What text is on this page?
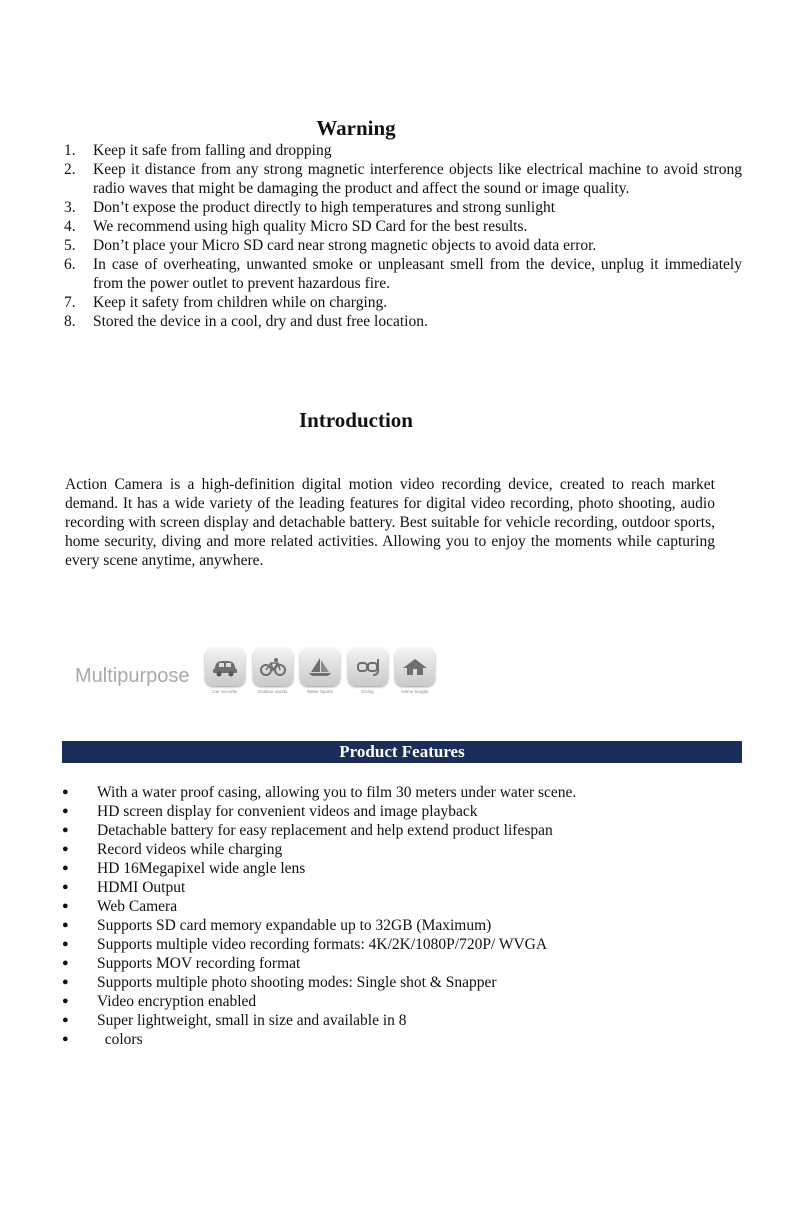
Warning
1. Keep it safe from falling and dropping
2. Keep it distance from any strong magnetic interference objects like electrical machine to avoid strong radio waves that might be damaging the product and affect the sound or image quality.
3. Don’t expose the product directly to high temperatures and strong sunlight
4. We recommend using high quality Micro SD Card for the best results.
5. Don’t place your Micro SD card near strong magnetic objects to avoid data error.
6. In case of overheating, unwanted smoke or unpleasant smell from the device, unplug it immediately from the power outlet to prevent hazardous fire.
7. Keep it safety from children while on charging.
8. Stored the device in a cool, dry and dust free location.
Introduction

Action Camera is a high-definition digital motion video recording device, created to reach market demand. It has a wide variety of the leading features for digital video recording, photo shooting, audio recording with screen display and detachable battery. Best suitable for vehicle recording, outdoor sports, home security, diving and more related activities. Allowing you to enjoy the moments while capturing every scene anytime, anywhere.

Multipurpose
Car recorder	Outdoor sports	Water Sports	Diving	Home burglar
Product Features
● With a water proof casing, allowing you to film 30 meters under water scene.
● HD screen display for convenient videos and image playback
● Detachable battery for easy replacement and help extend product lifespan
● Record videos while charging
● HD 16Megapixel wide angle lens
● HDMI Output
● Web Camera
● Supports SD card memory expandable up to 32GB (Maximum)
● Supports multiple video recording formats: 4K/2K/1080P/720P/ WVGA
● Supports MOV recording format
● Supports multiple photo shooting modes: Single shot & Snapper
● Video encryption enabled
● Super lightweight, small in size and available in 8
● colors
